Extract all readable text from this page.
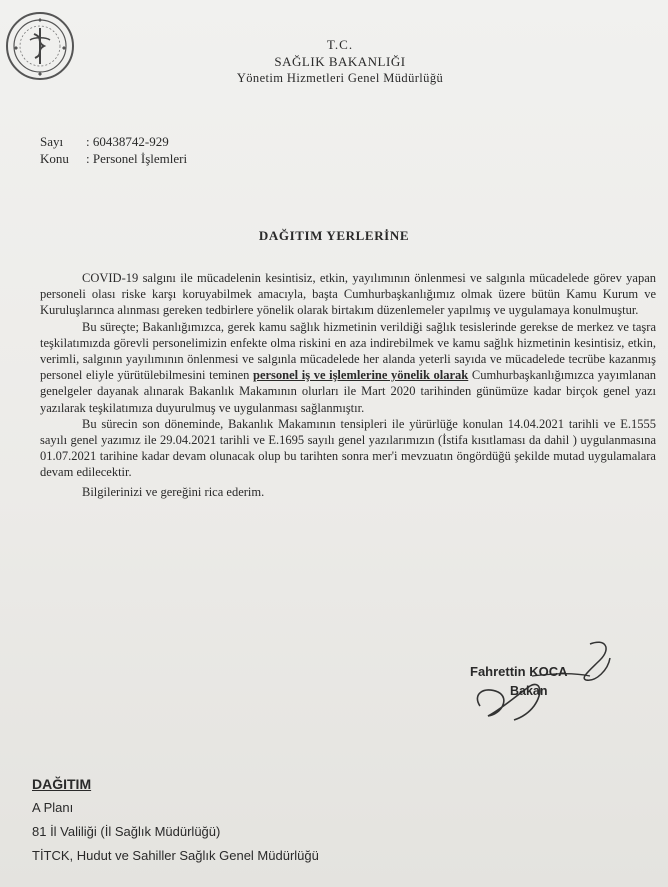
T.C.
SAĞLIK BAKANLIĞI
Yönetim Hizmetleri Genel Müdürlüğü
Sayı : 60438742-929
Konu : Personel İşlemleri
DAĞITIM YERLERİNE

COVID-19 salgını ile mücadelenin kesintisiz, etkin, yayılımının önlenmesi ve salgınla mücadelede görev yapan personeli olası riske karşı koruyabilmek amacıyla, başta Cumhurbaşkanlığımız olmak üzere bütün Kamu Kurum ve Kuruluşlarınca alınması gereken tedbirlere yönelik olarak birtakım düzenlemeler yapılmış ve uygulamaya konulmuştur.

Bu süreçte; Bakanlığımızca, gerek kamu sağlık hizmetinin verildiği sağlık tesislerinde gerekse de merkez ve taşra teşkilatımızda görevli personelimizin enfekte olma riskini en aza indirebilmek ve kamu sağlık hizmetinin kesintisiz, etkin, verimli, salgının yayılımının önlenmesi ve salgınla mücadelede her alanda yeterli sayıda ve mücadelede tecrübe kazanmış personel eliyle yürütülebilmesini teminen personel iş ve işlemlerine yönelik olarak Cumhurbaşkanlığımızca yayımlanan genelgeler dayanak alınarak Bakanlık Makamının olurları ile Mart 2020 tarihinden günümüze kadar birçok genel yazı yazılarak teşkilatımıza duyurulmuş ve uygulanması sağlanmıştır.

Bu sürecin son döneminde, Bakanlık Makamının tensipleri ile yürürlüğe konulan 14.04.2021 tarihli ve E.1555 sayılı genel yazımız ile 29.04.2021 tarihli ve E.1695 sayılı genel yazılarımızın (İstifa kısıtlaması da dahil ) uygulanmasına 01.07.2021 tarihine kadar devam olunacak olup bu tarihten sonra mer'i mevzuatın öngördüğü şekilde mutad uygulamalara devam edilecektir.

Bilgilerinizi ve gereğini rica ederim.

Fahrettin KOCA
Bakan
DAĞITIM
A Planı
81 İl Valiliği (İl Sağlık Müdürlüğü)
TİTCK, Hudut ve Sahiller Sağlık Genel Müdürlüğü
